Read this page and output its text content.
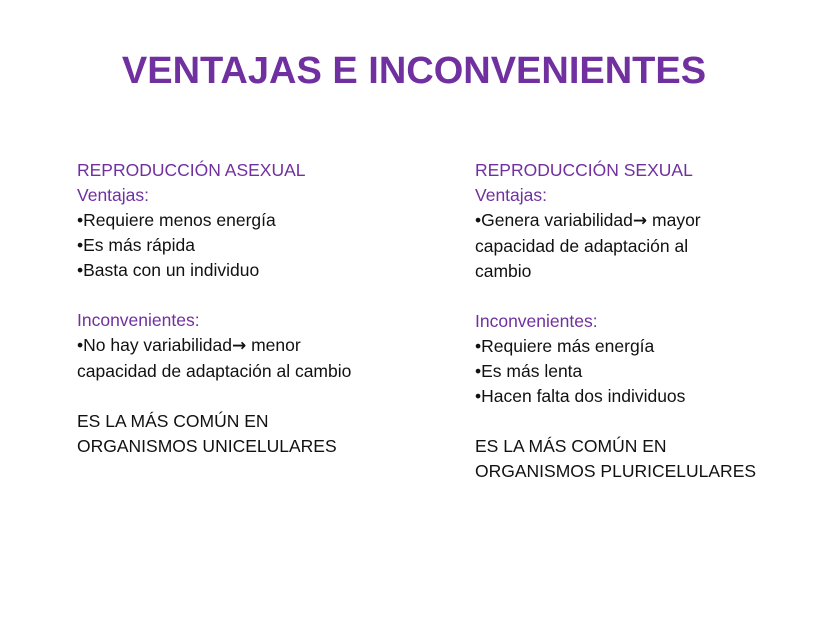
VENTAJAS E INCONVENIENTES
REPRODUCCIÓN ASEXUAL
Ventajas:
•Requiere menos energía
•Es más rápida
•Basta con un individuo
Inconvenientes:
•No hay variabilidad→ menor
capacidad de adaptación al cambio
ES LA MÁS COMÚN EN
ORGANISMOS UNICELULARES
REPRODUCCIÓN SEXUAL
Ventajas:
•Genera variabilidad→ mayor
capacidad de adaptación al
cambio
Inconvenientes:
•Requiere más energía
•Es más lenta
•Hacen falta dos individuos
ES LA MÁS COMÚN EN
ORGANISMOS PLURICELULARES
